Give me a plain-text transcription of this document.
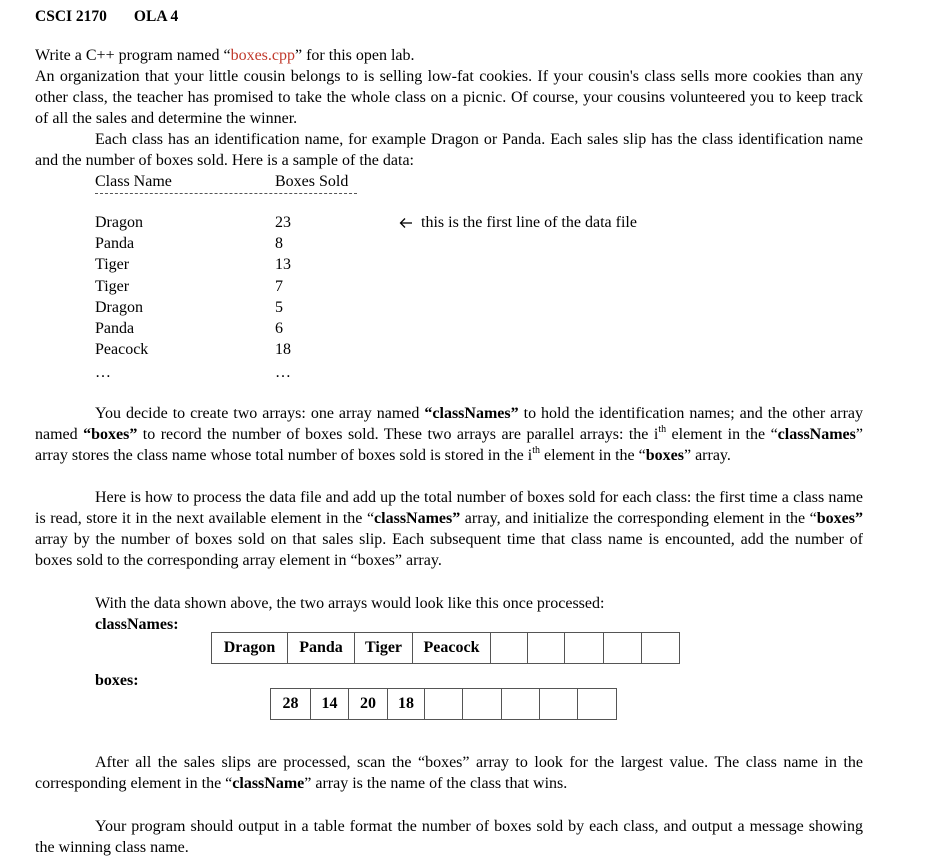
CSCI 2170 OLA 4

Write a C++ program named “boxes.cpp” for this open lab.

An organization that your little cousin belongs to is selling low-fat cookies. If your cousin's class sells more cookies than any other class, the teacher has promised to take the whole class on a picnic. Of course, your cousins volunteered you to keep track of all the sales and determine the winner.

Each class has an identification name, for example Dragon or Panda. Each sales slip has the class identification name and the number of boxes sold. Here is a sample of the data:

Class Name	Boxes Sold
Dragon	23
Panda	8
Tiger	13
Tiger	7
Dragon	5
Panda	6
Peacock	18
…	…
this is the first line of the data file

You decide to create two arrays: one array named “classNames” to hold the identification names; and the other array named “boxes” to record the number of boxes sold. These two arrays are parallel arrays: the $i^{th}$ element in the “classNames” array stores the class name whose total number of boxes sold is stored in the $i^{th}$ element in the “boxes” array.

Here is how to process the data file and add up the total number of boxes sold for each class: the first time a class name is read, store it in the next available element in the “classNames” array, and initialize the corresponding element in the “boxes” array by the number of boxes sold on that sales slip. Each subsequent time that class name is encounted, add the number of boxes sold to the corresponding array element in “boxes” array.

With the data shown above, the two arrays would look like this once processed:
classNames:
Dragon	Panda	Tiger	Peacock					
boxes:
28	14	20	18					

After all the sales slips are processed, scan the “boxes” array to look for the largest value. The class name in the corresponding element in the “className” array is the name of the class that wins.

Your program should output in a table format the number of boxes sold by each class, and output a message showing the winning class name.
